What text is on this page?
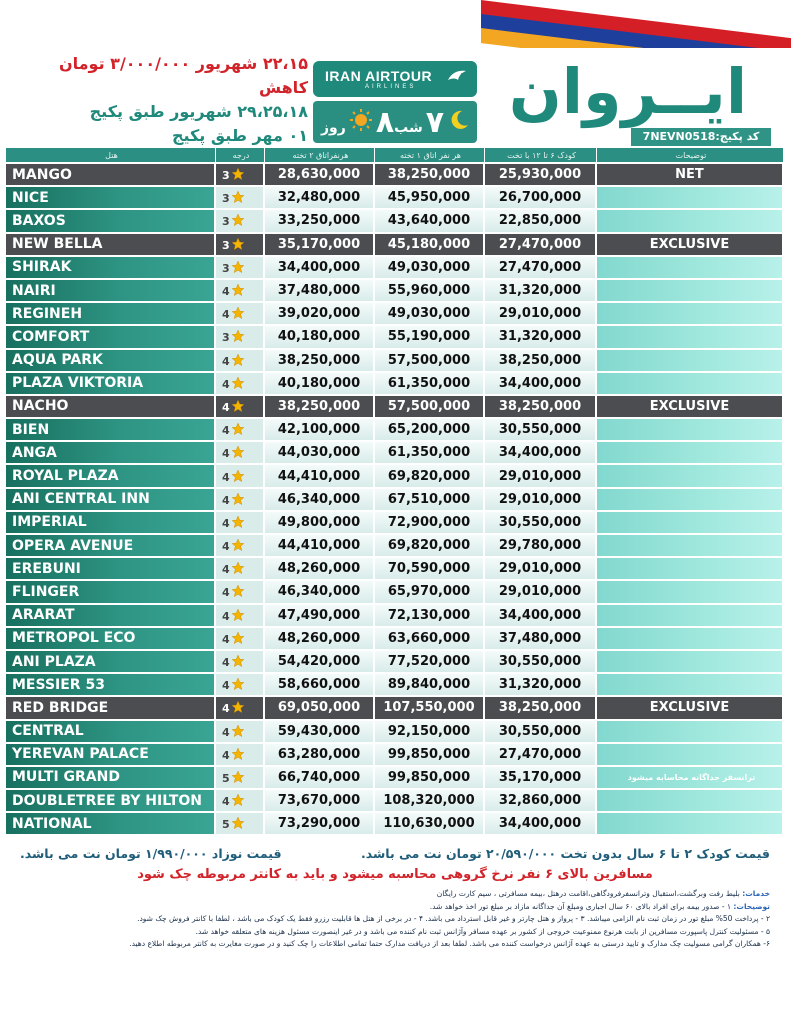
ایــروان
کد پکیج:7NEVN0518
IRAN AIRTOUR
AIRLINES
روز ۸ شب ۷
۲۲،۱۵ شهریور ۳/۰۰۰/۰۰۰ تومان کاهش
۲۹،۲۵،۱۸ شهریور طبق پکیج
۰۱ مهر طبق پکیج
هتل	درجه	هرنفراتاق ۲ تخته	هر نفر اتاق ۱ تخته	کودک ۶ تا ۱۲ با تخت	توضیحات
MANGO	3	28,630,000	38,250,000	25,930,000	NET
NICE	3	32,480,000	45,950,000	26,700,000	
BAXOS	3	33,250,000	43,640,000	22,850,000	
NEW BELLA	3	35,170,000	45,180,000	27,470,000	EXCLUSIVE
SHIRAK	3	34,400,000	49,030,000	27,470,000	
NAIRI	4	37,480,000	55,960,000	31,320,000	
REGINEH	4	39,020,000	49,030,000	29,010,000	
COMFORT	3	40,180,000	55,190,000	31,320,000	
AQUA PARK	4	38,250,000	57,500,000	38,250,000	
PLAZA VIKTORIA	4	40,180,000	61,350,000	34,400,000	
NACHO	4	38,250,000	57,500,000	38,250,000	EXCLUSIVE
BIEN	4	42,100,000	65,200,000	30,550,000	
ANGA	4	44,030,000	61,350,000	34,400,000	
ROYAL PLAZA	4	44,410,000	69,820,000	29,010,000	
ANI CENTRAL INN	4	46,340,000	67,510,000	29,010,000	
IMPERIAL	4	49,800,000	72,900,000	30,550,000	
OPERA AVENUE	4	44,410,000	69,820,000	29,780,000	
EREBUNI	4	48,260,000	70,590,000	29,010,000	
FLINGER	4	46,340,000	65,970,000	29,010,000	
ARARAT	4	47,490,000	72,130,000	34,400,000	
METROPOL ECO	4	48,260,000	63,660,000	37,480,000	
ANI PLAZA	4	54,420,000	77,520,000	30,550,000	
MESSIER 53	4	58,660,000	89,840,000	31,320,000	
RED BRIDGE	4	69,050,000	107,550,000	38,250,000	EXCLUSIVE
CENTRAL	4	59,430,000	92,150,000	30,550,000	
YEREVAN PALACE	4	63,280,000	99,850,000	27,470,000	
MULTI GRAND	5	66,740,000	99,850,000	35,170,000	ترانسفر جداگانه محاسابه میشود
DOUBLETREE BY HILTON	4	73,670,000	108,320,000	32,860,000	
NATIONAL	5	73,290,000	110,630,000	34,400,000	
قیمت کودک ۲ تا ۶ سال بدون تخت ۲۰/۵۹۰/۰۰۰ تومان نت می باشد.
قیمت نوزاد ۱/۹۹۰/۰۰۰ تومان نت می باشد.
مسافرین بالای ۶ نفر نرخ گروهی محاسبه میشود و باید به کانتر مربوطه چک شود

خدمات: بلیط رفت وبرگشت،استقبال وترانسفرفرودگاهی،اقامت درهتل ،بیمه مسافرتی ، سیم کارت رایگان

توضیحات: ۱ - صدور بیمه برای افراد بالای ۶۰ سال اجباری ومبلغ آن جداگانه مازاد بر مبلغ تور اخذ خواهد شد.

۲ - پرداخت 50% مبلغ تور در زمان ثبت نام الزامی میباشد. ۳ - پرواز و هتل چارتر و غیر قابل استرداد می باشد. ۴ - در برخی از هتل ها قابلیت رزرو فقط یک کودک می باشد ، لطفا با کانتر فروش چک شود.

۵ - مسئولیت کنترل پاسپورت مسافرین از بابت هرنوع ممنوعیت خروجی از کشور بر عهده مسافر وآژانس ثبت نام کننده می باشد و در غیر اینصورت مسئول هزینه های متعلقه خواهد شد.

۶- همکاران گرامی مسولیت چک مدارک و تایید درستی به عهده آژانس درخواست کننده می باشد. لطفا بعد از دریافت مدارک حتما تمامی اطلاعات را چک کنید و در صورت مغایرت به کانتر مربوطه اطلاع دهید.
